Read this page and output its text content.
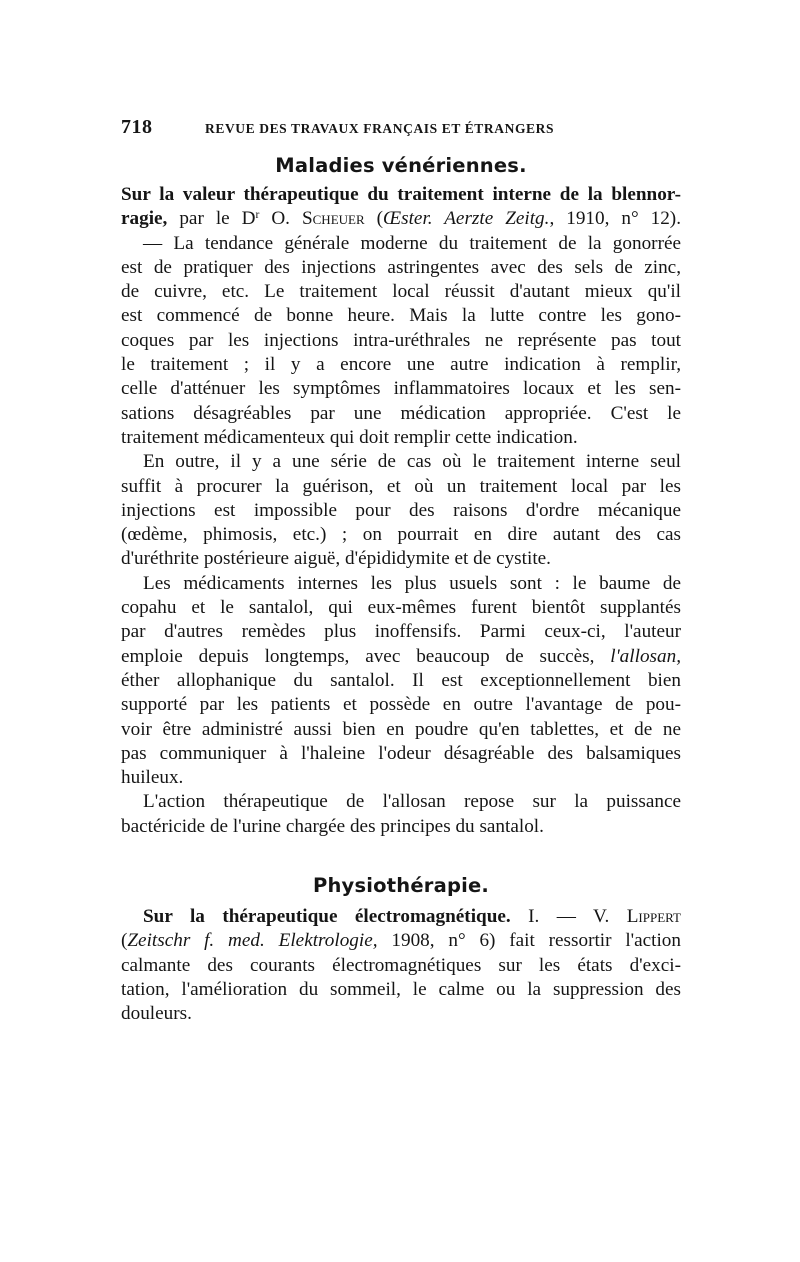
718	REVUE DES TRAVAUX FRANÇAIS ET ÉTRANGERS
Maladies vénériennes.
Sur la valeur thérapeutique du traitement interne de la blennor-
ragie, par le $D^r$ O. Scheuer (Œster. Aerzte Zeitg., 1910, n° 12).
— La tendance générale moderne du traitement de la gonorrée
est de pratiquer des injections astringentes avec des sels de zinc,
de cuivre, etc. Le traitement local réussit d'autant mieux qu'il
est commencé de bonne heure. Mais la lutte contre les gono-
coques par les injections intra-uréthrales ne représente pas tout
le traitement ; il y a encore une autre indication à remplir,
celle d'atténuer les symptômes inflammatoires locaux et les sen-
sations désagréables par une médication appropriée. C'est le
traitement médicamenteux qui doit remplir cette indication.
En outre, il y a une série de cas où le traitement interne seul
suffit à procurer la guérison, et où un traitement local par les
injections est impossible pour des raisons d'ordre mécanique
(œdème, phimosis, etc.) ; on pourrait en dire autant des cas
d'uréthrite postérieure aiguë, d'épididymite et de cystite.
Les médicaments internes les plus usuels sont : le baume de
copahu et le santalol, qui eux-mêmes furent bientôt supplantés
par d'autres remèdes plus inoffensifs. Parmi ceux-ci, l'auteur
emploie depuis longtemps, avec beaucoup de succès, l'allosan,
éther allophanique du santalol. Il est exceptionnellement bien
supporté par les patients et possède en outre l'avantage de pou-
voir être administré aussi bien en poudre qu'en tablettes, et de ne
pas communiquer à l'haleine l'odeur désagréable des balsamiques
huileux.
L'action thérapeutique de l'allosan repose sur la puissance
bactéricide de l'urine chargée des principes du santalol.
Physiothérapie.
Sur la thérapeutique électromagnétique. I. — V. Lippert
(Zeitschr f. med. Elektrologie, 1908, n° 6) fait ressortir l'action
calmante des courants électromagnétiques sur les états d'exci-
tation, l'amélioration du sommeil, le calme ou la suppression des
douleurs.
